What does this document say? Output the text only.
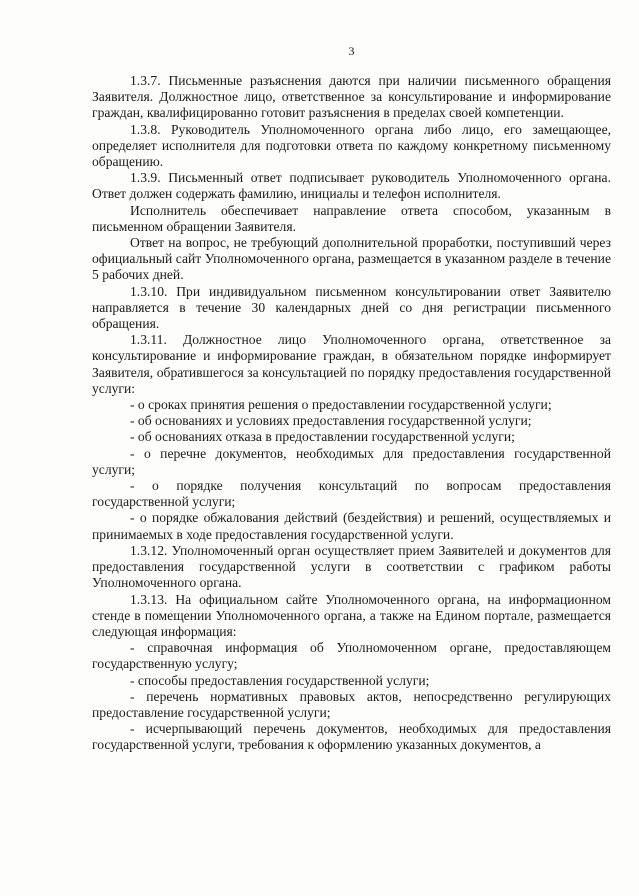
3

1.3.7. Письменные разъяснения даются при наличии письменного обращения Заявителя. Должностное лицо, ответственное за консультирование и информирование граждан, квалифицированно готовит разъяснения в пределах своей компетенции.

1.3.8. Руководитель Уполномоченного органа либо лицо, его замещающее, определяет исполнителя для подготовки ответа по каждому конкретному письменному обращению.

1.3.9. Письменный ответ подписывает руководитель Уполномоченного органа. Ответ должен содержать фамилию, инициалы и телефон исполнителя.

Исполнитель обеспечивает направление ответа способом, указанным в письменном обращении Заявителя.

Ответ на вопрос, не требующий дополнительной проработки, поступивший через официальный сайт Уполномоченного органа, размещается в указанном разделе в течение 5 рабочих дней.

1.3.10. При индивидуальном письменном консультировании ответ Заявителю направляется в течение 30 календарных дней со дня регистрации письменного обращения.

1.3.11. Должностное лицо Уполномоченного органа, ответственное за консультирование и информирование граждан, в обязательном порядке информирует Заявителя, обратившегося за консультацией по порядку предоставления государственной услуги:

- о сроках принятия решения о предоставлении государственной услуги;

- об основаниях и условиях предоставления государственной услуги;

- об основаниях отказа в предоставлении государственной услуги;

- о перечне документов, необходимых для предоставления государственной услуги;

- о порядке получения консультаций по вопросам предоставления государственной услуги;

- о порядке обжалования действий (бездействия) и решений, осуществляемых и принимаемых в ходе предоставления государственной услуги.

1.3.12. Уполномоченный орган осуществляет прием Заявителей и документов для предоставления государственной услуги в соответствии с графиком работы Уполномоченного органа.

1.3.13. На официальном сайте Уполномоченного органа, на информационном стенде в помещении Уполномоченного органа, а также на Едином портале, размещается следующая информация:

- справочная информация об Уполномоченном органе, предоставляющем государственную услугу;

- способы предоставления государственной услуги;

- перечень нормативных правовых актов, непосредственно регулирующих предоставление государственной услуги;

- исчерпывающий перечень документов, необходимых для предоставления государственной услуги, требования к оформлению указанных документов, а
